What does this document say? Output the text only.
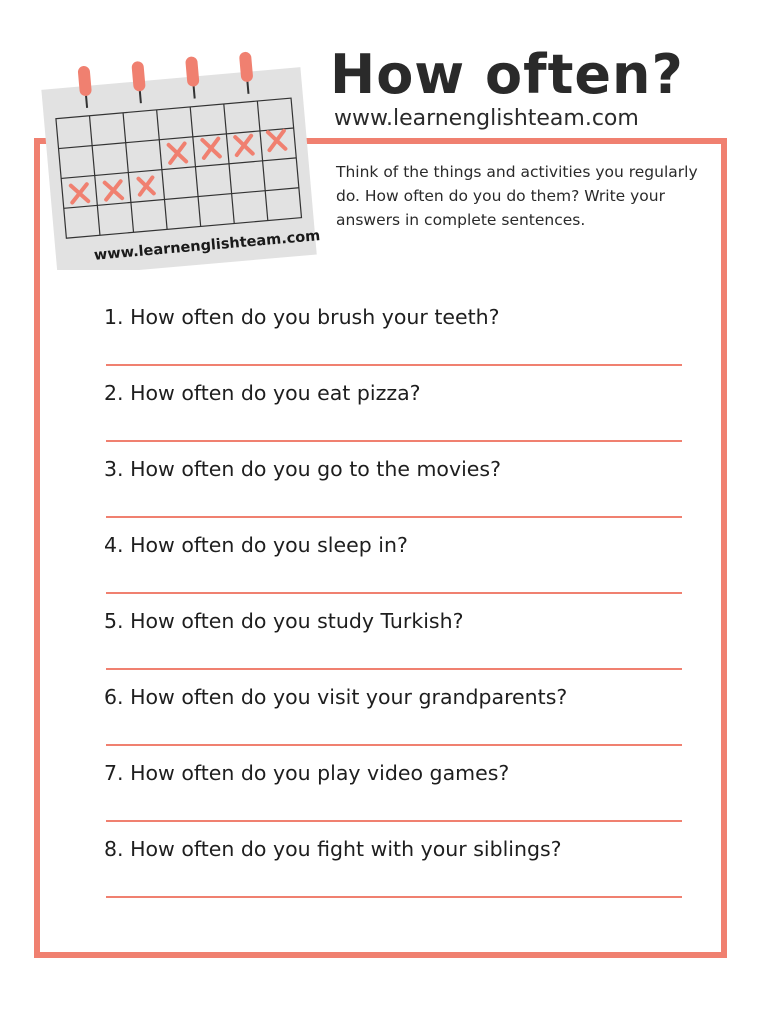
www.learnenglishteam.com
How often?
www.learnenglishteam.com

Think of the things and activities you regularly do. How often do you do them? Write your answers in complete sentences.

1. How often do you brush your teeth?
2. How often do you eat pizza?
3. How often do you go to the movies?
4. How often do you sleep in?
5. How often do you study Turkish?
6. How often do you visit your grandparents?
7. How often do you play video games?
8. How often do you fight with your siblings?
